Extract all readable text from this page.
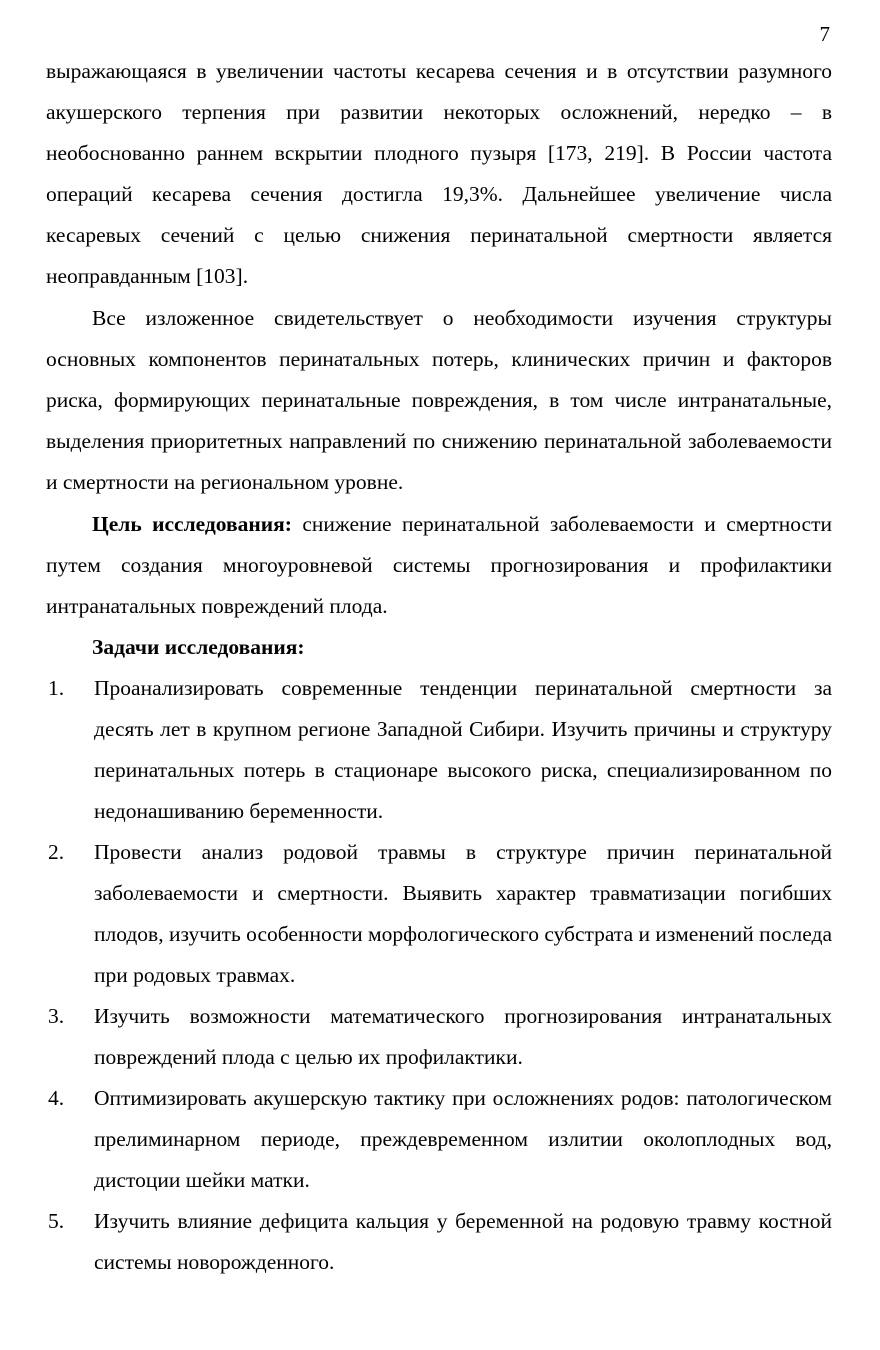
7

выражающаяся в увеличении частоты кесарева сечения и в отсутствии разумного акушерского терпения при развитии некоторых осложнений, нередко – в необоснованно раннем вскрытии плодного пузыря [173, 219]. В России частота операций кесарева сечения достигла 19,3%. Дальнейшее увеличение числа кесаревых сечений с целью снижения перинатальной смертности является неоправданным [103].

Все изложенное свидетельствует о необходимости изучения структуры основных компонентов перинатальных потерь, клинических причин и факторов риска, формирующих перинатальные повреждения, в том числе интранатальные, выделения приоритетных направлений по снижению перинатальной заболеваемости и смертности на региональном уровне.

Цель исследования: снижение перинатальной заболеваемости и смертности путем создания многоуровневой системы прогнозирования и профилактики интранатальных повреждений плода.

Задачи исследования:
1. Проанализировать современные тенденции перинатальной смертности за десять лет в крупном регионе Западной Сибири. Изучить причины и структуру перинатальных потерь в стационаре высокого риска, специализированном по недонашиванию беременности.
2. Провести анализ родовой травмы в структуре причин перинатальной заболеваемости и смертности. Выявить характер травматизации погибших плодов, изучить особенности морфологического субстрата и изменений последа при родовых травмах.
3. Изучить возможности математического прогнозирования интранатальных повреждений плода с целью их профилактики.
4. Оптимизировать акушерскую тактику при осложнениях родов: патологическом прелиминарном периоде, преждевременном излитии околоплодных вод, дистоции шейки матки.
5. Изучить влияние дефицита кальция у беременной на родовую травму костной системы новорожденного.
